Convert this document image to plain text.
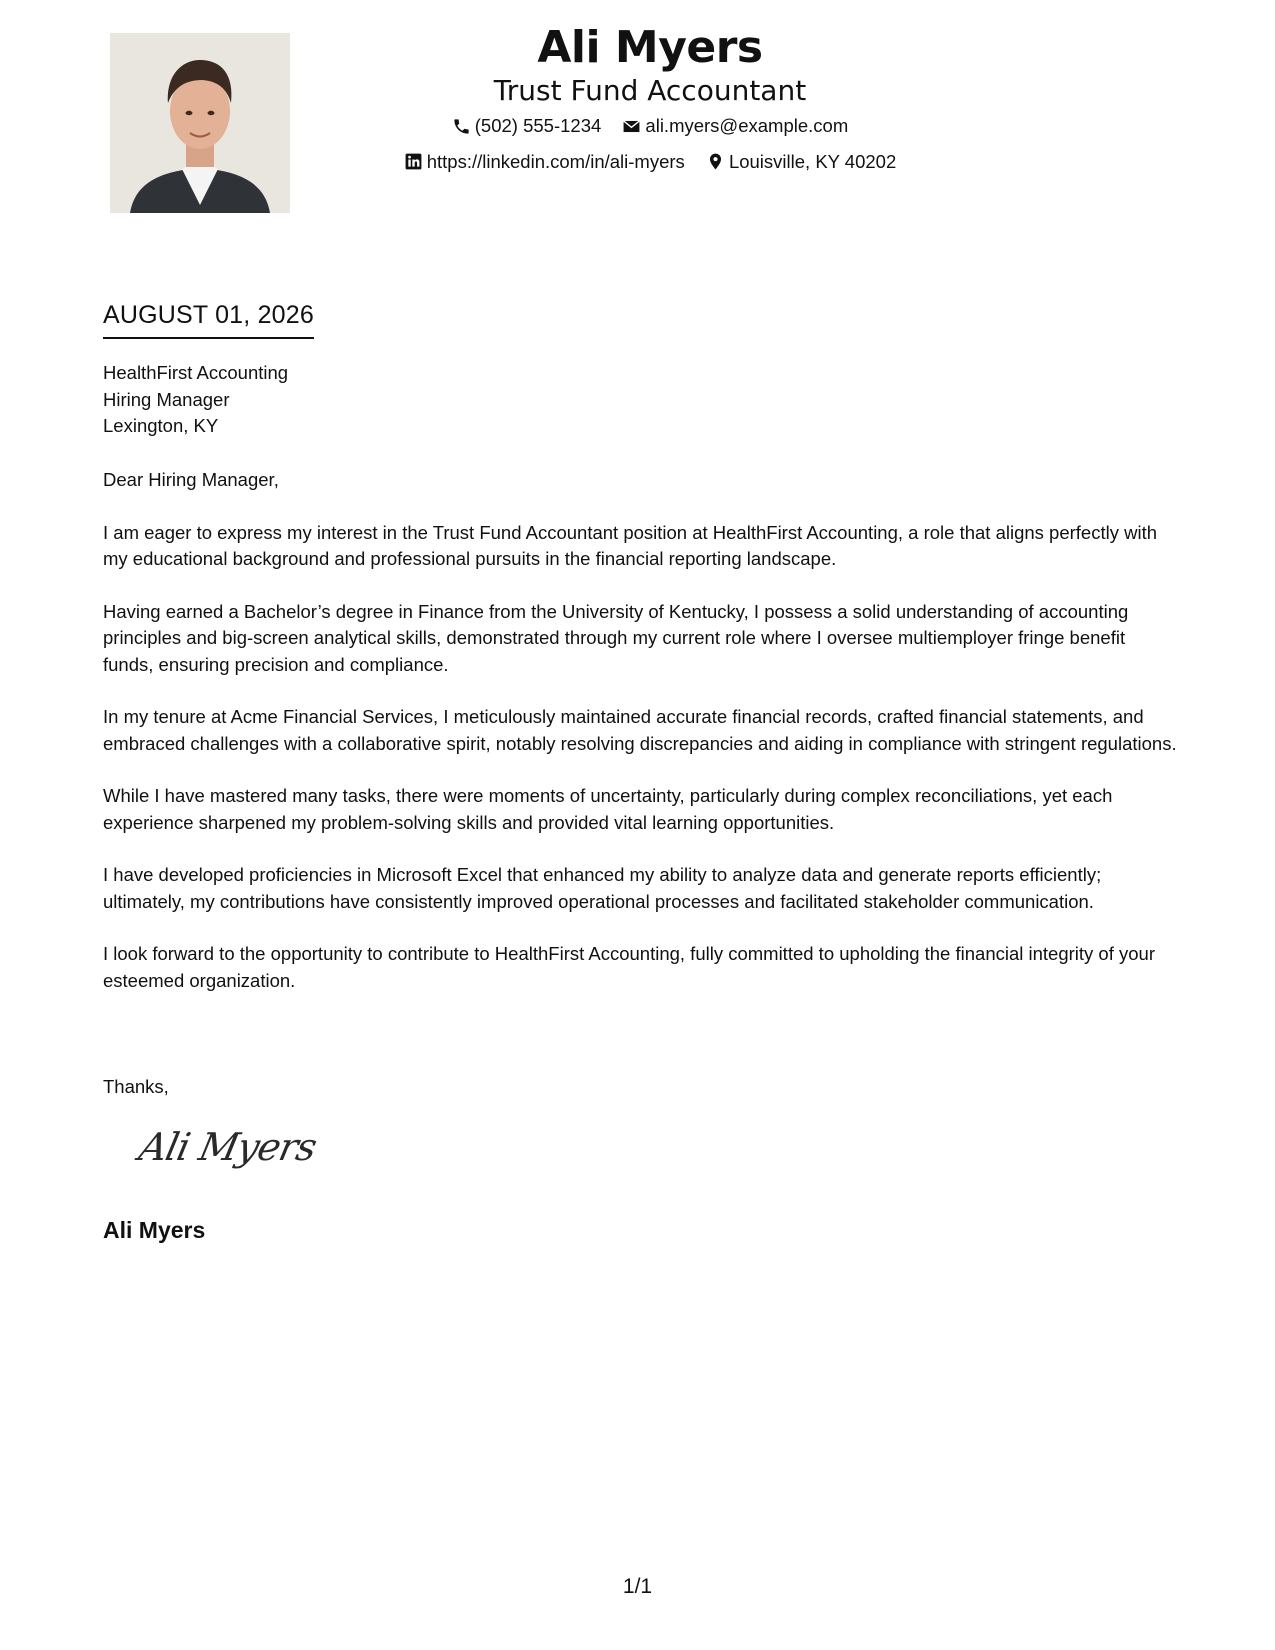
Ali Myers
Trust Fund Accountant
(502) 555-1234
ali.myers@example.com
https://linkedin.com/in/ali-myers
Louisville, KY 40202
AUGUST 01, 2026
HealthFirst Accounting
Hiring Manager
Lexington, KY

Dear Hiring Manager,

I am eager to express my interest in the Trust Fund Accountant position at HealthFirst Accounting, a role that aligns perfectly with my educational background and professional pursuits in the financial reporting landscape.

Having earned a Bachelor’s degree in Finance from the University of Kentucky, I possess a solid understanding of accounting principles and big-screen analytical skills, demonstrated through my current role where I oversee multiemployer fringe benefit funds, ensuring precision and compliance.

In my tenure at Acme Financial Services, I meticulously maintained accurate financial records, crafted financial statements, and embraced challenges with a collaborative spirit, notably resolving discrepancies and aiding in compliance with stringent regulations.

While I have mastered many tasks, there were moments of uncertainty, particularly during complex reconciliations, yet each experience sharpened my problem-solving skills and provided vital learning opportunities.

I have developed proficiencies in Microsoft Excel that enhanced my ability to analyze data and generate reports efficiently; ultimately, my contributions have consistently improved operational processes and facilitated stakeholder communication.

I look forward to the opportunity to contribute to HealthFirst Accounting, fully committed to upholding the financial integrity of your esteemed organization.

Thanks,
Ali Myers
Ali Myers
1/1
